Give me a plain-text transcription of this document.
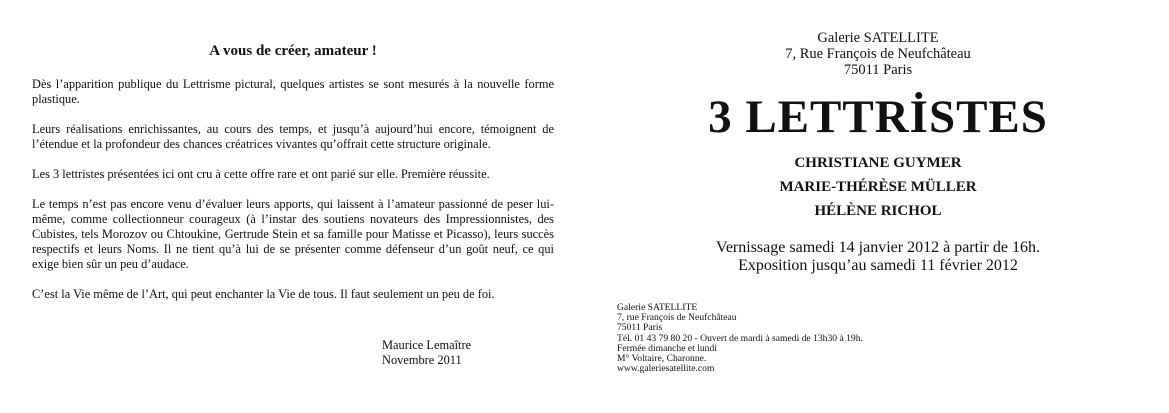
A vous de créer, amateur !

Dès l’apparition publique du Lettrisme pictural, quelques artistes se sont mesurés à la nouvelle forme plastique.

Leurs réalisations enrichissantes, au cours des temps, et jusqu’à aujourd’hui encore, témoignent de l’étendue et la profondeur des chances créatrices vivantes qu’offrait cette structure originale.

Les 3 lettristes présentées ici ont cru à cette offre rare et ont parié sur elle. Première réussite.

Le temps n’est pas encore venu d’évaluer leurs apports, qui laissent à l’amateur passionné de peser lui-même, comme collectionneur courageux (à l’instar des soutiens novateurs des Impressionnistes, des Cubistes, tels Morozov ou Chtoukine, Gertrude Stein et sa famille pour Matisse et Picasso), leurs succès respectifs et leurs Noms. Il ne tient qu’à lui de se présenter comme défenseur d’un goût neuf, ce qui exige bien sûr un peu d’audace.

C’est la Vie même de l’Art, qui peut enchanter la Vie de tous. Il faut seulement un peu de foi.

Maurice Lemaître
Novembre 2011
Galerie SATELLITE
7, Rue François de Neufchâteau
75011 Paris
3 LETTRİSTES
CHRISTIANE GUYMER
MARIE-THÉRÈSE MÜLLER
HÉLÈNE RICHOL
Vernissage samedi 14 janvier 2012 à partir de 16h.
Exposition jusqu’au samedi 11 février 2012
Galerie SATELLITE
7, rue François de Neufchâteau
75011 Paris
Tél. 01 43 79 80 20 - Ouvert de mardi à samedi de 13h30 à 19h.
Fermée dimanche et lundi
M° Voltaire, Charonne.
www.galeriesatellite.com
